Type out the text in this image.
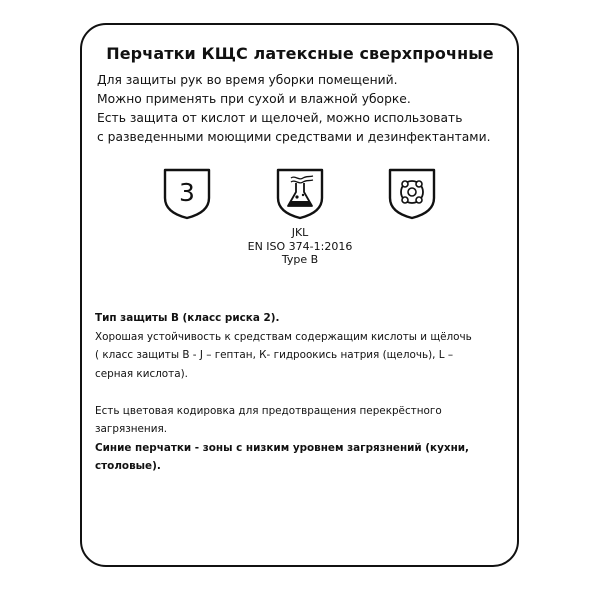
Перчатки КЩС латексные сверхпрочные
Для защиты рук во время уборки помещений.
Можно применять при сухой и влажной уборке.
Есть защита от кислот и щелочей, можно использовать
с разведенными моющими средствами и дезинфектантами.
3
JKL
EN ISO 374-1:2016
Type B
Тип защиты В (класс риска 2).
Хорошая устойчивость к средствам содержащим кислоты и щёлочь
( класс защиты В - J – гептан, К- гидроокись натрия (щелочь), L –
серная кислота).
Есть цветовая кодировка для предотвращения перекрёстного
загрязнения.
Синие перчатки - зоны с низким уровнем загрязнений (кухни,
столовые).
